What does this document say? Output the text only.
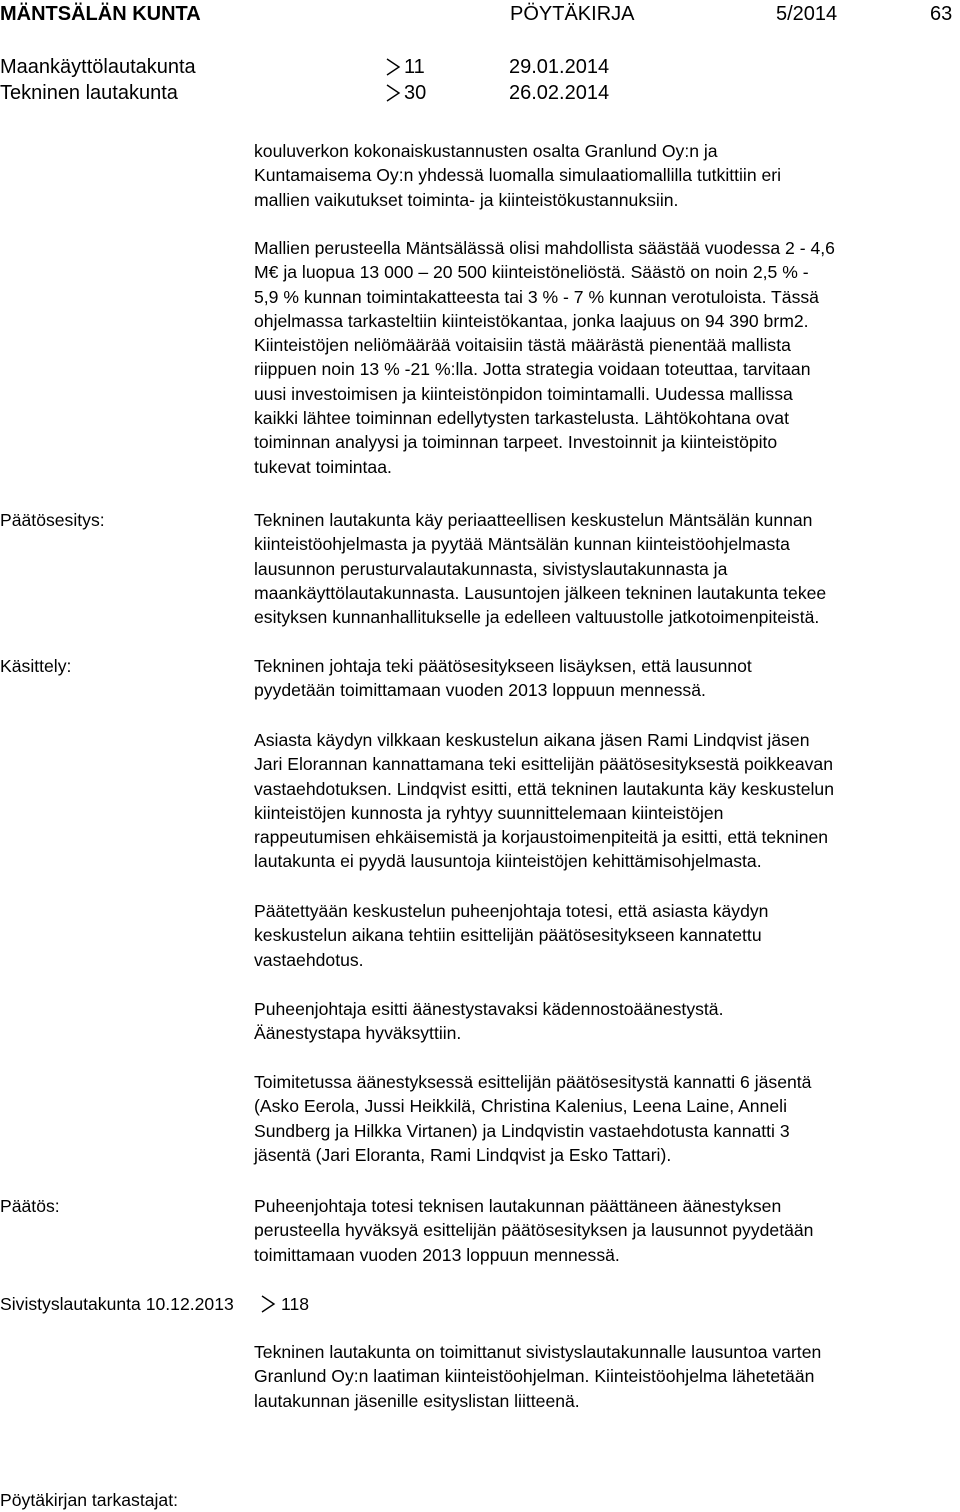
MÄNTSÄLÄN KUNTA	PÖYTÄKIRJA	5/2014	63
Maankäyttölautakunta	11	29.01.2014
Tekninen lautakunta	30	26.02.2014
kouluverkon kokonaiskustannusten osalta Granlund Oy:n ja
Kuntamaisema Oy:n yhdessä luomalla simulaatiomallilla tutkittiin eri
mallien vaikutukset toiminta- ja kiinteistökustannuksiin.
Mallien perusteella Mäntsälässä olisi mahdollista säästää vuodessa 2 - 4,6
M€ ja luopua 13 000 – 20 500 kiinteistöneliöstä. Säästö on noin 2,5 % -
5,9 % kunnan toimintakatteesta tai 3 % - 7 % kunnan verotuloista. Tässä
ohjelmassa tarkasteltiin kiinteistökantaa, jonka laajuus on 94 390 brm2.
Kiinteistöjen neliömäärää voitaisiin tästä määrästä pienentää mallista
riippuen noin 13 % -21 %:lla. Jotta strategia voidaan toteuttaa, tarvitaan
uusi investoimisen ja kiinteistönpidon toimintamalli. Uudessa mallissa
kaikki lähtee toiminnan edellytysten tarkastelusta. Lähtökohtana ovat
toiminnan analyysi ja toiminnan tarpeet. Investoinnit ja kiinteistöpito
tukevat toimintaa.
Päätösesitys:	Tekninen lautakunta käy periaatteellisen keskustelun Mäntsälän kunnan
kiinteistöohjelmasta ja pyytää Mäntsälän kunnan kiinteistöohjelmasta
lausunnon perusturvalautakunnasta, sivistyslautakunnasta ja
maankäyttölautakunnasta. Lausuntojen jälkeen tekninen lautakunta tekee
esityksen kunnanhallitukselle ja edelleen valtuustolle jatkotoimenpiteistä.
Käsittely:	Tekninen johtaja teki päätösesitykseen lisäyksen, että lausunnot
pyydetään toimittamaan vuoden 2013 loppuun mennessä.
Asiasta käydyn vilkkaan keskustelun aikana jäsen Rami Lindqvist jäsen
Jari Elorannan kannattamana teki esittelijän päätösesityksestä poikkeavan
vastaehdotuksen. Lindqvist esitti, että tekninen lautakunta käy keskustelun
kiinteistöjen kunnosta ja ryhtyy suunnittelemaan kiinteistöjen
rappeutumisen ehkäisemistä ja korjaustoimenpiteitä ja esitti, että tekninen
lautakunta ei pyydä lausuntoja kiinteistöjen kehittämisohjelmasta.
Päätettyään keskustelun puheenjohtaja totesi, että asiasta käydyn
keskustelun aikana tehtiin esittelijän päätösesitykseen kannatettu
vastaehdotus.
Puheenjohtaja esitti äänestystavaksi kädennostoäänestystä.
Äänestystapa hyväksyttiin.
Toimitetussa äänestyksessä esittelijän päätösesitystä kannatti 6 jäsentä
(Asko Eerola, Jussi Heikkilä, Christina Kalenius, Leena Laine, Anneli
Sundberg ja Hilkka Virtanen) ja Lindqvistin vastaehdotusta kannatti 3
jäsentä (Jari Eloranta, Rami Lindqvist ja Esko Tattari).
Päätös:	Puheenjohtaja totesi teknisen lautakunnan päättäneen äänestyksen
perusteella hyväksyä esittelijän päätösesityksen ja lausunnot pyydetään
toimittamaan vuoden 2013 loppuun mennessä.
Sivistyslautakunta 10.12.2013	118
Tekninen lautakunta on toimittanut sivistyslautakunnalle lausuntoa varten
Granlund Oy:n laatiman kiinteistöohjelman. Kiinteistöohjelma lähetetään
lautakunnan jäsenille esityslistan liitteenä.
Pöytäkirjan tarkastajat:
